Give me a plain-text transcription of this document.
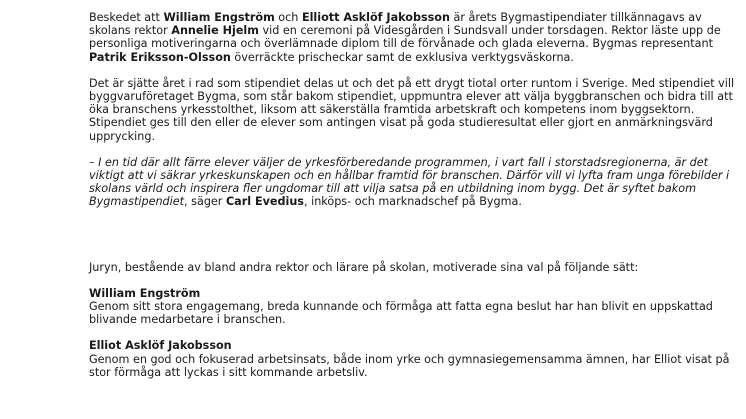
Beskedet att William Engström och Elliott Asklöf Jakobsson är årets Bygmastipendiater tillkännagavs av skolans rektor Annelie Hjelm vid en ceremoni på Videsgården i Sundsvall under torsdagen. Rektor läste upp de personliga motiveringarna och överlämnade diplom till de förvånade och glada eleverna. Bygmas representant Patrik Eriksson-Olsson överräckte prischeckar samt de exklusiva verktygsväskorna.

Det är sjätte året i rad som stipendiet delas ut och det på ett drygt tiotal orter runtom i Sverige. Med stipendiet vill byggvaruföretaget Bygma, som står bakom stipendiet, uppmuntra elever att välja byggbranschen och bidra till att öka branschens yrkesstolthet, liksom att säkerställa framtida arbetskraft och kompetens inom byggsektorn. Stipendiet ges till den eller de elever som antingen visat på goda studieresultat eller gjort en anmärkningsvärd upprycking.

– I en tid där allt färre elever väljer de yrkesförberedande programmen, i vart fall i storstadsregionerna, är det viktigt att vi säkrar yrkeskunskapen och en hållbar framtid för branschen. Därför vill vi lyfta fram unga förebilder i skolans värld och inspirera fler ungdomar till att vilja satsa på en utbildning inom bygg. Det är syftet bakom Bygmastipendiet, säger Carl Evedius, inköps- och marknadschef på Bygma.

Juryn, bestående av bland andra rektor och lärare på skolan, motiverade sina val på följande sätt:

William Engström

Genom sitt stora engagemang, breda kunnande och förmåga att fatta egna beslut har han blivit en uppskattad blivande medarbetare i branschen.

Elliot Asklöf Jakobsson

Genom en god och fokuserad arbetsinsats, både inom yrke och gymnasiegemensamma ämnen, har Elliot visat på stor förmåga att lyckas i sitt kommande arbetsliv.
